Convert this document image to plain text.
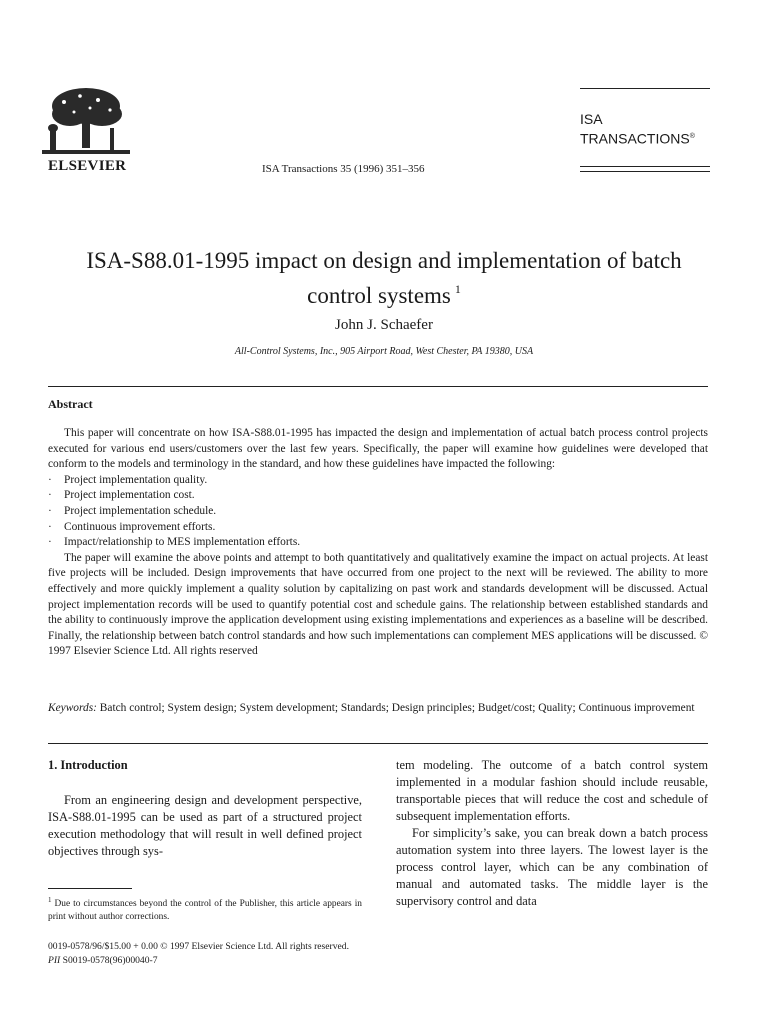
ELSEVIER	ISA Transactions 35 (1996) 351–356
ISA
TRANSACTIONS®
ISA-S88.01-1995 impact on design and implementation of batch
control systems $^1$
John J. Schaefer
All-Control Systems, Inc., 905 Airport Road, West Chester, PA 19380, USA
Abstract

This paper will concentrate on how ISA-S88.01-1995 has impacted the design and implementation of actual batch process control projects executed for various end users/customers over the last few years. Specifically, the paper will examine how guidelines were developed that conform to the models and terminology in the standard, and how these guidelines have impacted the following:

· Project implementation quality.
· Project implementation cost.
· Project implementation schedule.
· Continuous improvement efforts.
· Impact/relationship to MES implementation efforts.

The paper will examine the above points and attempt to both quantitatively and qualitatively examine the impact on actual projects. At least five projects will be included. Design improvements that have occurred from one project to the next will be reviewed. The ability to more effectively and more quickly implement a quality solution by capitalizing on past work and standards development will be discussed. Actual project implementation records will be used to quantify potential cost and schedule gains. The relationship between established standards and the ability to continuously improve the application development using existing implementations and experiences as a baseline will be described. Finally, the relationship between batch control standards and how such implementations can complement MES applications will be discussed. © 1997 Elsevier Science Ltd. All rights reserved

Keywords: Batch control; System design; System development; Standards; Design principles; Budget/cost; Quality; Continuous improvement

1. Introduction

From an engineering design and development perspective, ISA-S88.01-1995 can be used as part of a structured project execution methodology that will result in well defined project objectives through sys-

tem modeling. The outcome of a batch control system implemented in a modular fashion should include reusable, transportable pieces that will reduce the cost and schedule of subsequent implementation efforts.

For simplicity’s sake, you can break down a batch process automation system into three layers. The lowest layer is the process control layer, which can be any combination of manual and automated tasks. The middle layer is the supervisory control and data

$^1$ Due to circumstances beyond the control of the Publisher, this article appears in print without author corrections.
0019-0578/96/$15.00 + 0.00 © 1997 Elsevier Science Ltd. All rights reserved.
PII S0019-0578(96)00040-7
